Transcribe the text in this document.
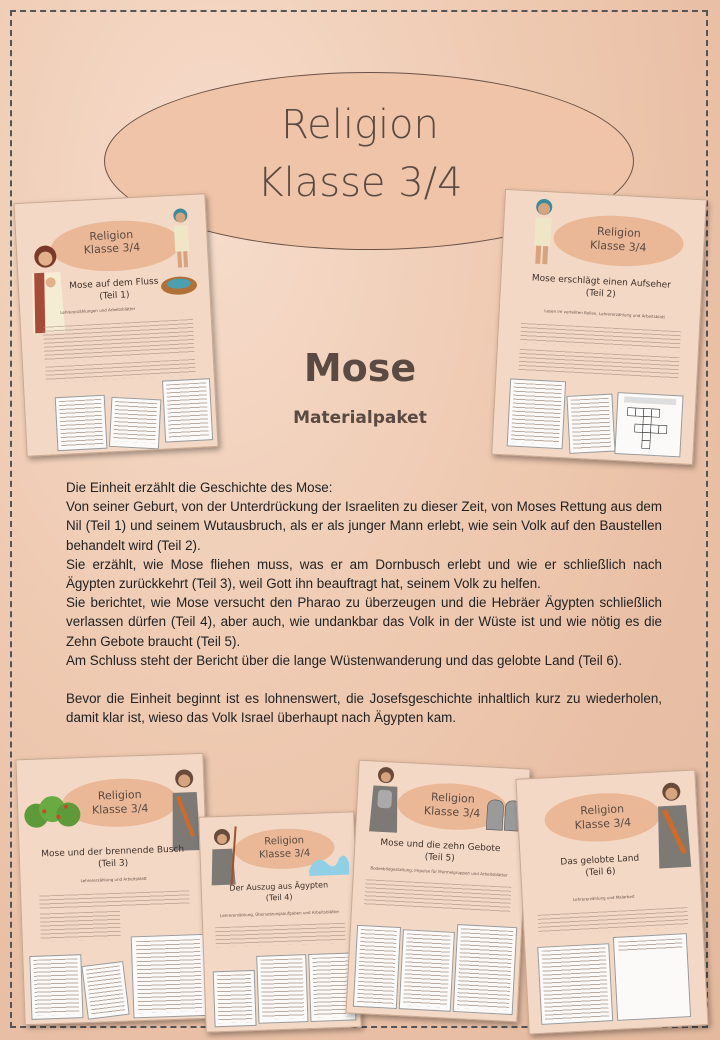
Religion
Klasse 3/4
Religion
Klasse 3/4
Mose auf dem Fluss
(Teil 1)
Lehrererzählungen und Arbeitsblätter
Religion
Klasse 3/4
Mose erschlägt einen Aufseher
(Teil 2)
Lesen im verteilten Rollen, Lehrererzählung und Arbeitsblatt
Mose
Materialpaket

Die Einheit erzählt die Geschichte des Mose:

Von seiner Geburt, von der Unterdrückung der Israeliten zu dieser Zeit, von Moses Rettung aus dem Nil (Teil 1) und seinem Wutausbruch, als er als junger Mann erlebt, wie sein Volk auf den Baustellen behandelt wird (Teil 2).

Sie erzählt, wie Mose fliehen muss, was er am Dornbusch erlebt und wie er schließlich nach Ägypten zurückkehrt (Teil 3), weil Gott ihn beauftragt hat, seinem Volk zu helfen.

Sie berichtet, wie Mose versucht den Pharao zu überzeugen und die Hebräer Ägypten schließlich verlassen dürfen (Teil 4), aber auch, wie undankbar das Volk in der Wüste ist und wie nötig es die Zehn Gebote braucht (Teil 5).

Am Schluss steht der Bericht über die lange Wüstenwanderung und das gelobte Land (Teil 6).

Bevor die Einheit beginnt ist es lohnenswert, die Josefsgeschichte inhaltlich kurz zu wiederholen, damit klar ist, wieso das Volk Israel überhaupt nach Ägypten kam.

Religion
Klasse 3/4
Mose und der brennende Busch
(Teil 3)
Lehrererzählung und Arbeitsblatt
Religion
Klasse 3/4
Der Auszug aus Ägypten
(Teil 4)
Lehrererzählung, Übersetzungsaufgaben und Arbeitsblätter
Religion
Klasse 3/4
Mose und die zehn Gebote
(Teil 5)
Bodenbildgestaltung, Impulse für Murmelgruppen und Arbeitsblätter
Religion
Klasse 3/4
Das gelobte Land
(Teil 6)
Lehrererzählung und Malarbeit
